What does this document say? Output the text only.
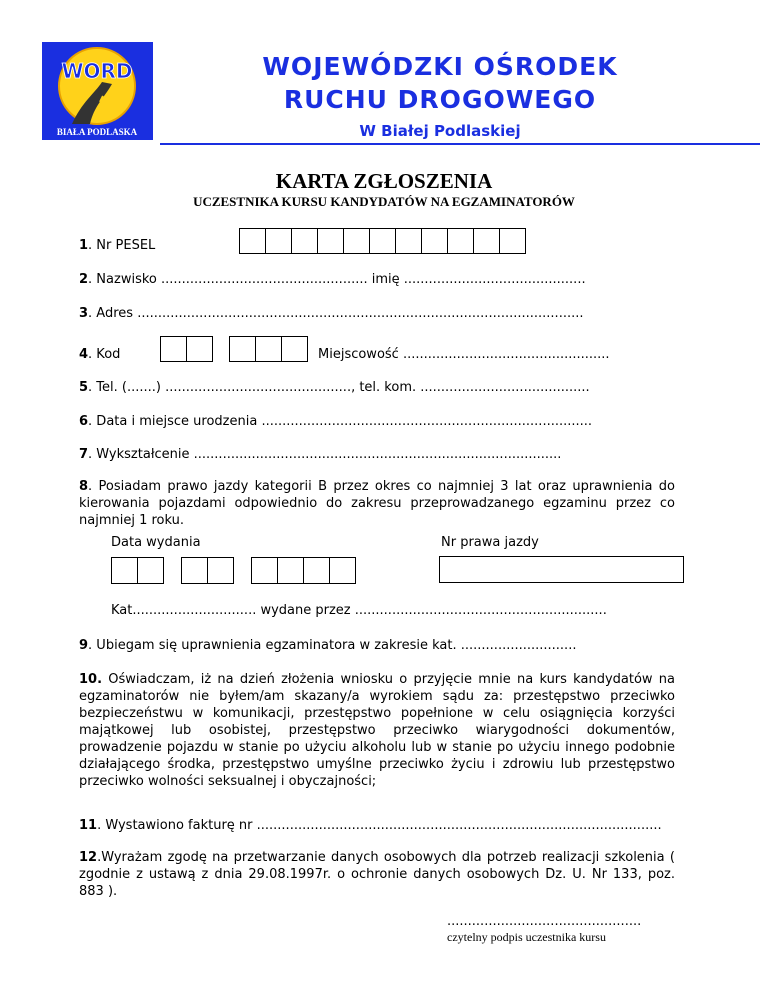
WORD
BIAŁA PODLASKA
WOJEWÓDZKI OŚRODEK
RUCHU DROGOWEGO
W Białej Podlaskiej
KARTA ZGŁOSZENIA
UCZESTNIKA KURSU KANDYDATÓW NA EGZAMINATORÓW
1. Nr PESEL
2. Nazwisko .................................................. imię ............................................
3. Adres ............................................................................................................
4. Kod	Miejscowość ..................................................
5. Tel. (.......) ............................................., tel. kom. .........................................
6. Data i miejsce urodzenia ................................................................................
7. Wykształcenie .........................................................................................
8. Posiadam prawo jazdy kategorii B przez okres co najmniej 3 lat oraz uprawnienia do kierowania pojazdami odpowiednio do zakresu przeprowadzanego egzaminu przez co najmniej 1 roku.
Data wydania	Nr prawa jazdy
Kat.............................. wydane przez .............................................................
9. Ubiegam się uprawnienia egzaminatora w zakresie kat. ............................
10. Oświadczam, iż na dzień złożenia wniosku o przyjęcie mnie na kurs kandydatów na egzaminatorów nie byłem/am skazany/a wyrokiem sądu za: przestępstwo przeciwko bezpieczeństwu w komunikacji, przestępstwo popełnione w celu osiągnięcia korzyści majątkowej lub osobistej, przestępstwo przeciwko wiarygodności dokumentów, prowadzenie pojazdu w stanie po użyciu alkoholu lub w stanie po użyciu innego podobnie działającego środka, przestępstwo umyślne przeciwko życiu i zdrowiu lub przestępstwo przeciwko wolności seksualnej i obyczajności;
11. Wystawiono fakturę nr ..................................................................................................
12.Wyrażam zgodę na przetwarzanie danych osobowych dla potrzeb realizacji szkolenia ( zgodnie z ustawą z dnia 29.08.1997r. o ochronie danych osobowych Dz. U. Nr 133, poz. 883 ).
...............................................
czytelny podpis uczestnika kursu
